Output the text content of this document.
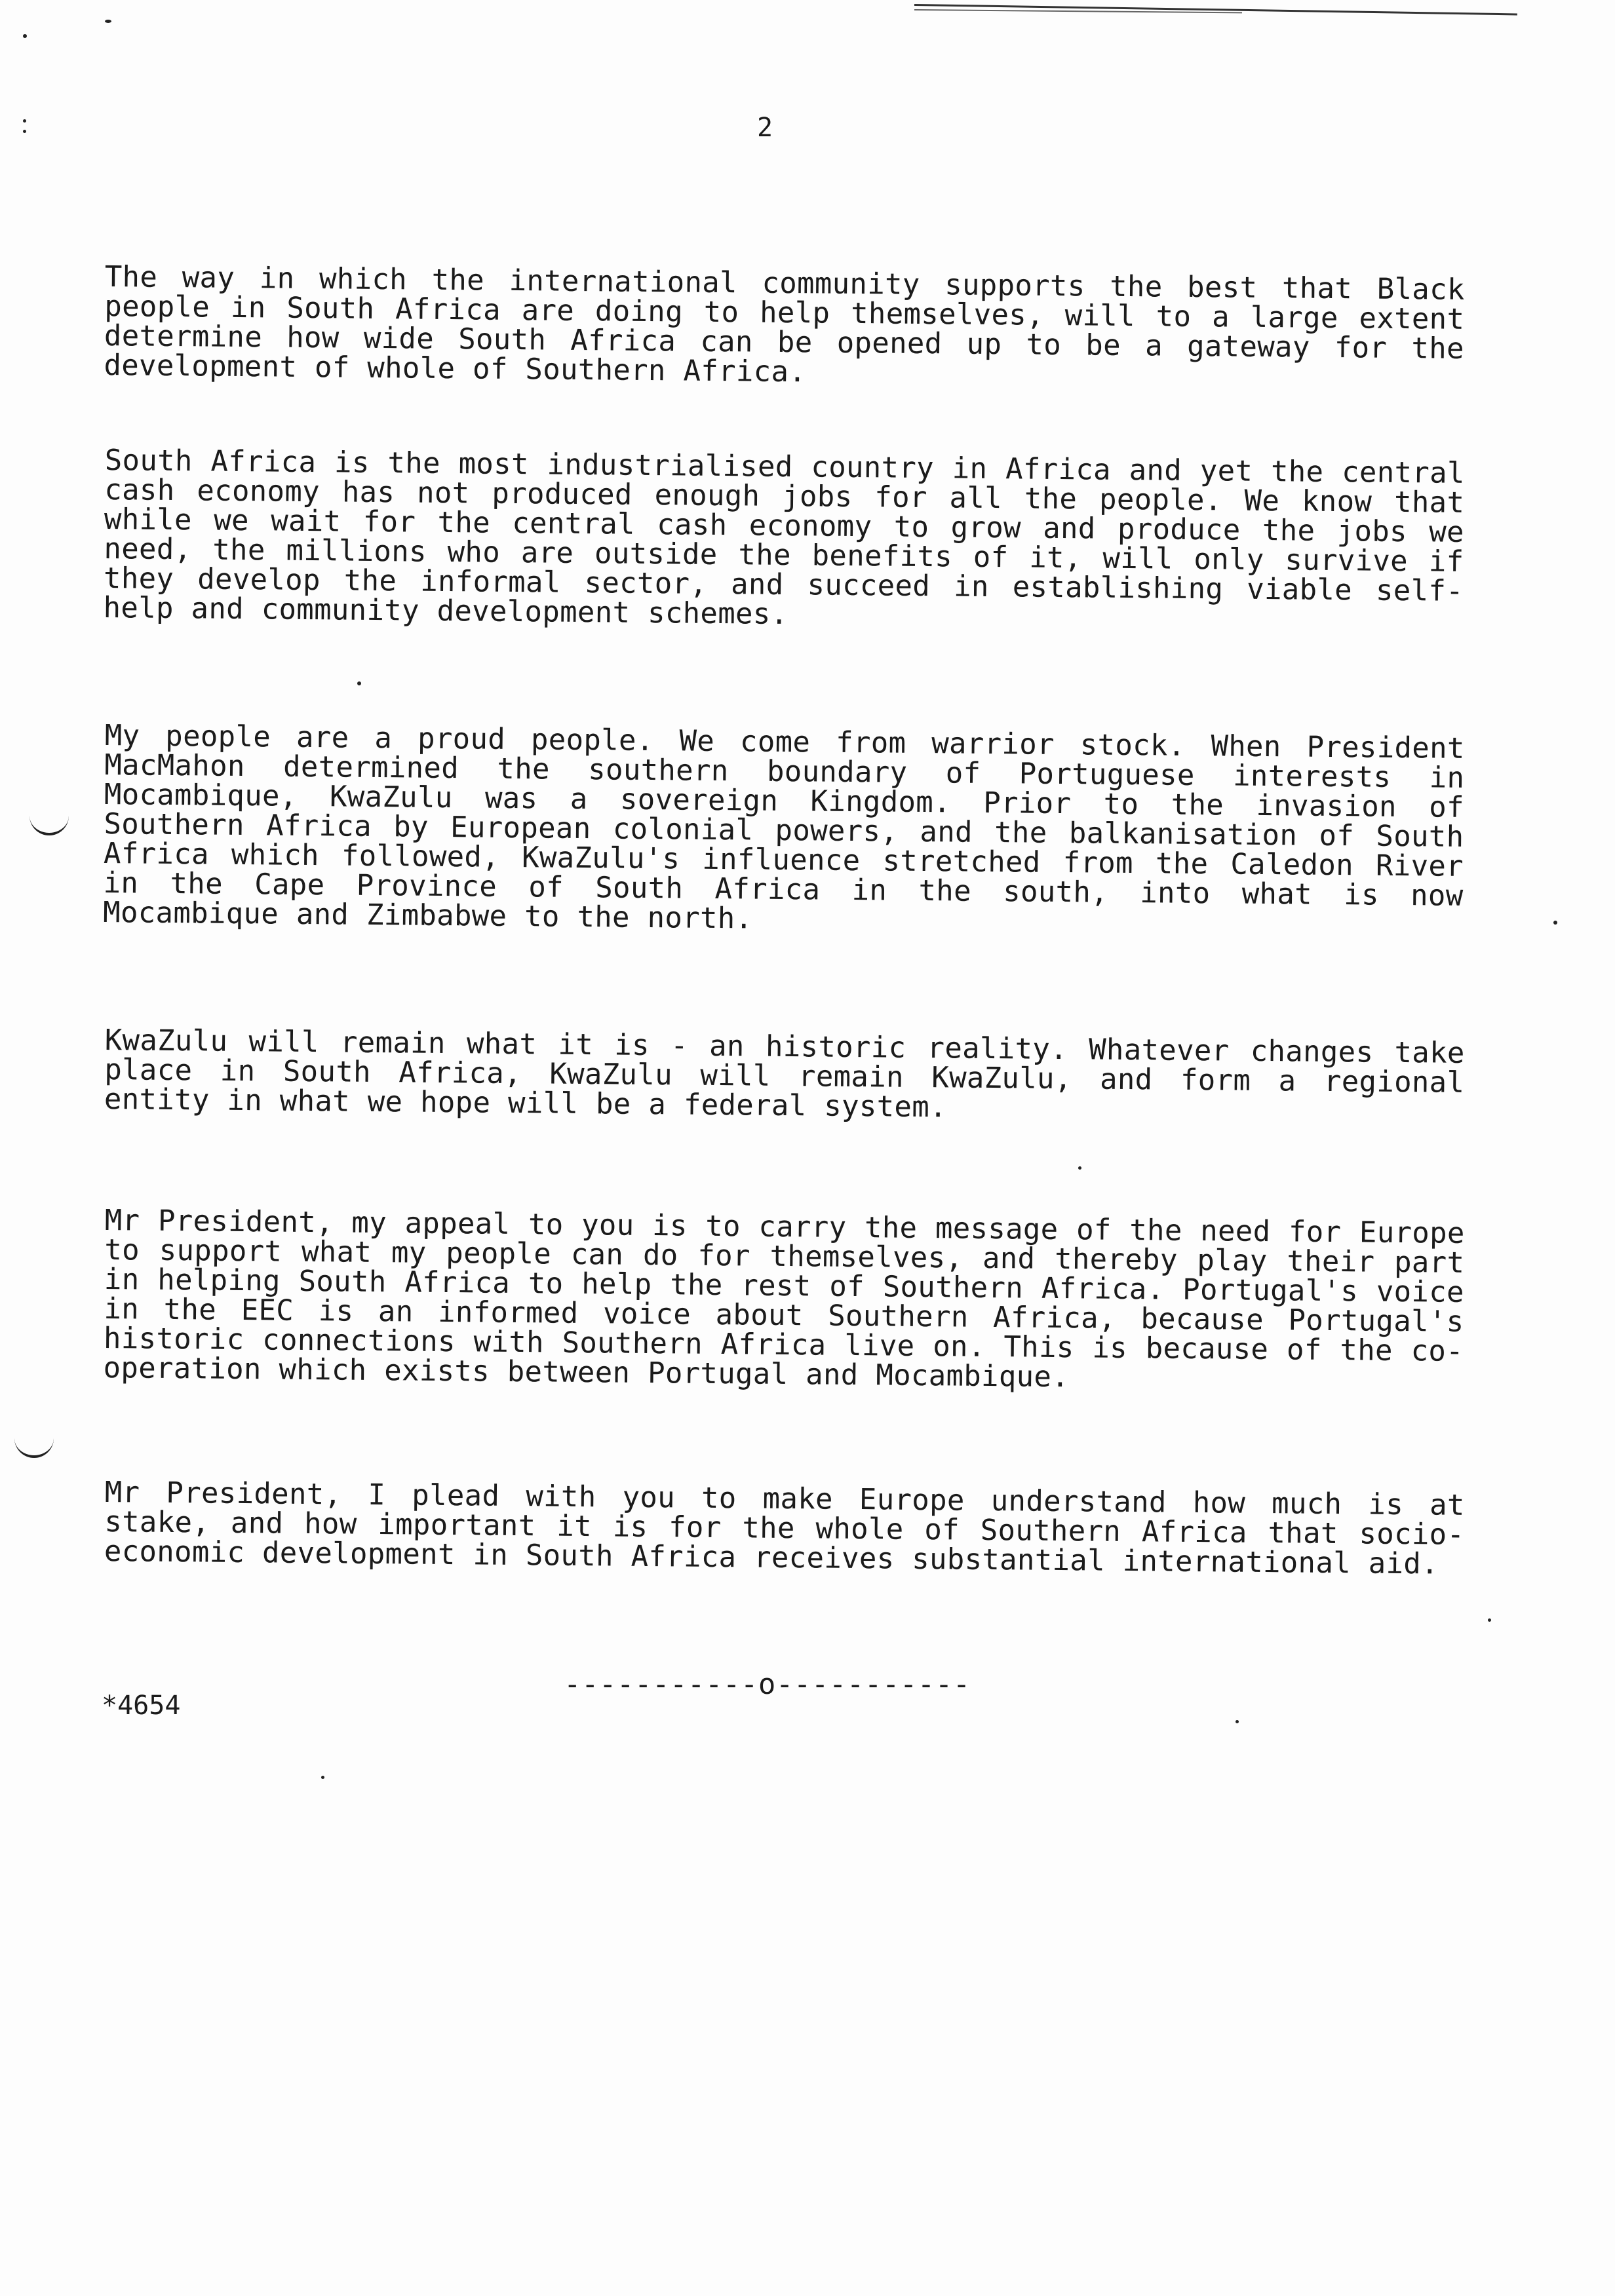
2
The way in which the international community supports the best that Black people in South Africa are doing to help themselves, will to a large extent determine how wide South Africa can be opened up to be a gateway for the development of whole of Southern Africa.
South Africa is the most industrialised country in Africa and yet the central cash economy has not produced enough jobs for all the people. We know that while we wait for the central cash economy to grow and produce the jobs we need, the millions who are outside the benefits of it, will only survive if they develop the informal sector, and succeed in establishing viable self-help and community development schemes.
My people are a proud people. We come from warrior stock. When President MacMahon determined the southern boundary of Portuguese interests in Mocambique, KwaZulu was a sovereign Kingdom. Prior to the invasion of Southern Africa by European colonial powers, and the balkanisation of South Africa which followed, KwaZulu's influence stretched from the Caledon River in the Cape Province of South Africa in the south, into what is now Mocambique and Zimbabwe to the north.
KwaZulu will remain what it is - an historic reality. Whatever changes take place in South Africa, KwaZulu will remain KwaZulu, and form a regional entity in what we hope will be a federal system.
Mr President, my appeal to you is to carry the message of the need for Europe to support what my people can do for themselves, and thereby play their part in helping South Africa to help the rest of Southern Africa. Portugal's voice in the EEC is an informed voice about Southern Africa, because Portugal's historic connections with Southern Africa live on. This is because of the co-operation which exists between Portugal and Mocambique.
Mr President, I plead with you to make Europe understand how much is at stake, and how important it is for the whole of Southern Africa that socio-economic development in South Africa receives substantial international aid.
-----------o-----------
*4654
